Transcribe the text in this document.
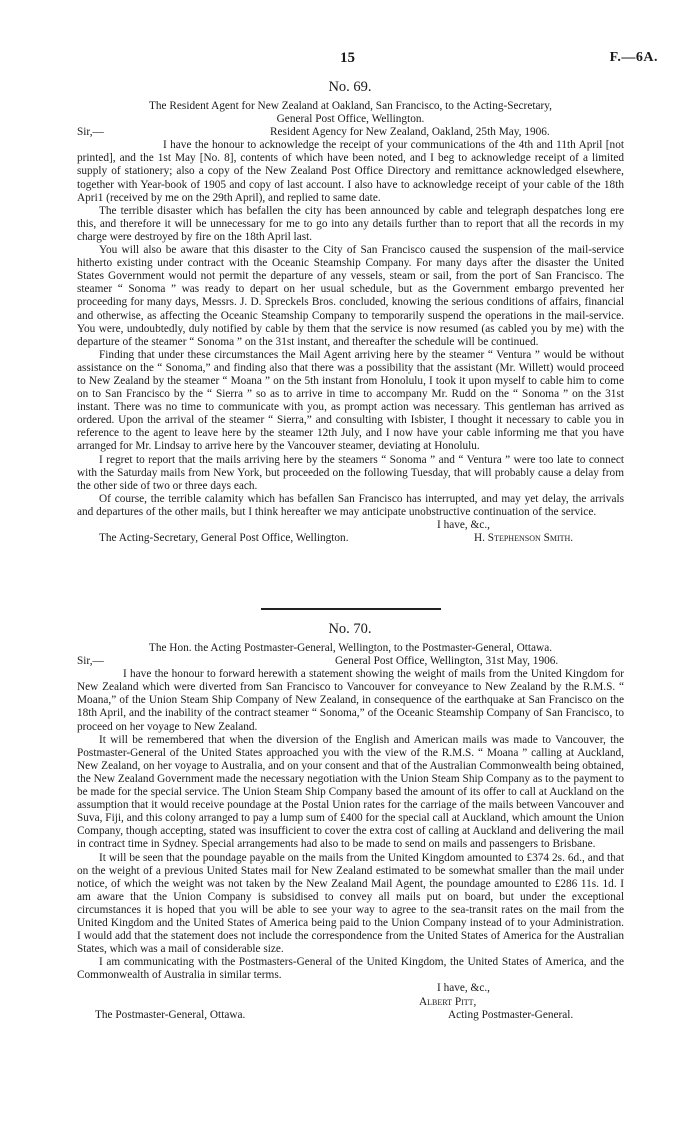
15	F.—6A.
No. 69.
The Resident Agent for New Zealand at Oakland, San Francisco, to the Acting-Secretary,
General Post Office, Wellington.
Sir,—	Resident Agency for New Zealand, Oakland, 25th May, 1906.

I have the honour to acknowledge the receipt of your communications of the 4th and 11th April [not printed], and the 1st May [No. 8], contents of which have been noted, and I beg to acknowledge receipt of a limited supply of stationery; also a copy of the New Zealand Post Office Directory and remittance acknowledged elsewhere, together with Year-book of 1905 and copy of last account. I also have to acknowledge receipt of your cable of the 18th Apri1 (received by me on the 29th April), and replied to same date.

The terrible disaster which has befallen the city has been announced by cable and telegraph despatches long ere this, and therefore it will be unnecessary for me to go into any details further than to report that all the records in my charge were destroyed by fire on the 18th April last.

You will also be aware that this disaster to the City of San Francisco caused the suspension of the mail-service hitherto existing under contract with the Oceanic Steamship Company. For many days after the disaster the United States Government would not permit the departure of any vessels, steam or sail, from the port of San Francisco. The steamer “ Sonoma ” was ready to depart on her usual schedule, but as the Government embargo prevented her proceeding for many days, Messrs. J. D. Spreckels Bros. concluded, knowing the serious conditions of affairs, financial and otherwise, as affecting the Oceanic Steamship Company to temporarily suspend the operations in the mail-service. You were, undoubtedly, duly notified by cable by them that the service is now resumed (as cabled you by me) with the departure of the steamer “ Sonoma ” on the 31st instant, and thereafter the schedule will be continued.

Finding that under these circumstances the Mail Agent arriving here by the steamer “ Ventura ” would be without assistance on the “ Sonoma,” and finding also that there was a possibility that the assistant (Mr. Willett) would proceed to New Zealand by the steamer “ Moana ” on the 5th instant from Honolulu, I took it upon myself to cable him to come on to San Francisco by the “ Sierra ” so as to arrive in time to accompany Mr. Rudd on the “ Sonoma ” on the 31st instant. There was no time to communicate with you, as prompt action was necessary. This gentleman has arrived as ordered. Upon the arrival of the steamer “ Sierra,” and consulting with Isbister, I thought it necessary to cable you in reference to the agent to leave here by the steamer 12th July, and I now have your cable informing me that you have arranged for Mr. Lindsay to arrive here by the Vancouver steamer, deviating at Honolulu.

I regret to report that the mails arriving here by the steamers “ Sonoma ” and “ Ventura ” were too late to connect with the Saturday mails from New York, but proceeded on the following Tuesday, that will probably cause a delay from the other side of two or three days each.

Of course, the terrible calamity which has befallen San Francisco has interrupted, and may yet delay, the arrivals and departures of the other mails, but I think hereafter we may anticipate unobstructive continuation of the service.

I have, &c.,
The Acting-Secretary, General Post Office, Wellington.	H. Stephenson Smith.
No. 70.
The Hon. the Acting Postmaster-General, Wellington, to the Postmaster-General, Ottawa.
Sir,—	General Post Office, Wellington, 31st May, 1906.

I have the honour to forward herewith a statement showing the weight of mails from the United Kingdom for New Zealand which were diverted from San Francisco to Vancouver for conveyance to New Zealand by the R.M.S. “ Moana,” of the Union Steam Ship Company of New Zealand, in consequence of the earthquake at San Francisco on the 18th April, and the inability of the contract steamer “ Sonoma,” of the Oceanic Steamship Company of San Francisco, to proceed on her voyage to New Zealand.

It will be remembered that when the diversion of the English and American mails was made to Vancouver, the Postmaster-General of the United States approached you with the view of the R.M.S. “ Moana ” calling at Auckland, New Zealand, on her voyage to Australia, and on your consent and that of the Australian Commonwealth being obtained, the New Zealand Government made the necessary negotiation with the Union Steam Ship Company as to the payment to be made for the special service. The Union Steam Ship Company based the amount of its offer to call at Auckland on the assumption that it would receive poundage at the Postal Union rates for the carriage of the mails between Vancouver and Suva, Fiji, and this colony arranged to pay a lump sum of £400 for the special call at Auckland, which amount the Union Company, though accepting, stated was insufficient to cover the extra cost of calling at Auckland and delivering the mail in contract time in Sydney. Special arrangements had also to be made to send on mails and passengers to Brisbane.

It will be seen that the poundage payable on the mails from the United Kingdom amounted to £374 2s. 6d., and that on the weight of a previous United States mail for New Zealand estimated to be somewhat smaller than the mail under notice, of which the weight was not taken by the New Zealand Mail Agent, the poundage amounted to £286 11s. 1d. I am aware that the Union Company is subsidised to convey all mails put on board, but under the exceptional circumstances it is hoped that you will be able to see your way to agree to the sea-transit rates on the mail from the United Kingdom and the United States of America being paid to the Union Company instead of to your Administration. I would add that the statement does not include the correspondence from the United States of America for the Australian States, which was a mail of considerable size.

I am communicating with the Postmasters-General of the United Kingdom, the United States of America, and the Commonwealth of Australia in similar terms.

I have, &c.,
Albert Pitt,
The Postmaster-General, Ottawa.	Acting Postmaster-General.
